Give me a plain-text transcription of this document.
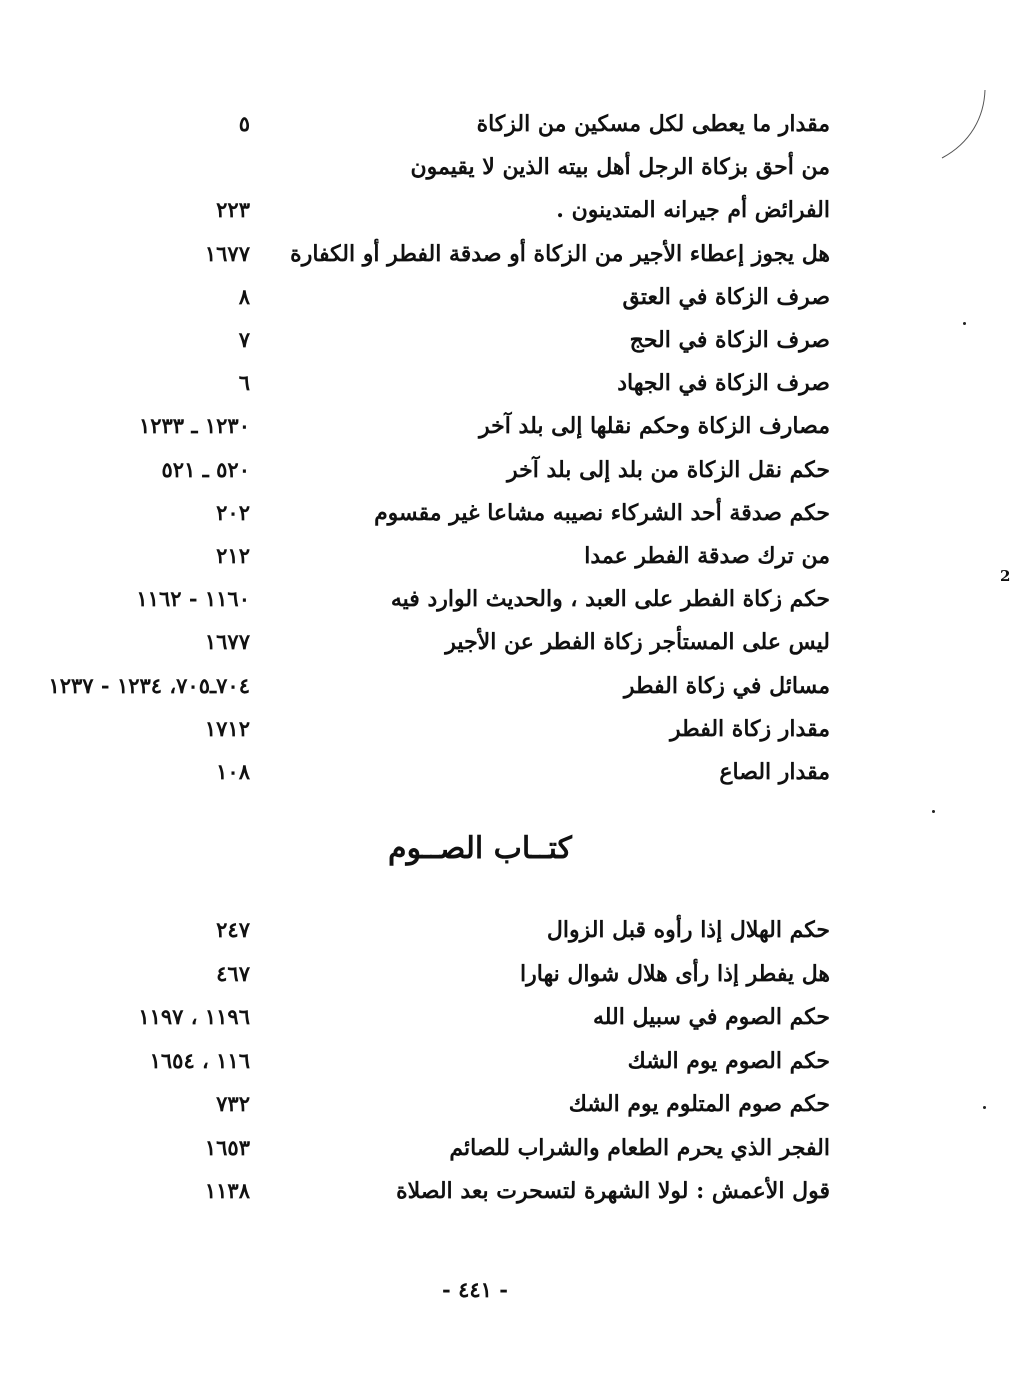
مقدار ما يعطى لكل مسكين من الزكاة
٥
من أحق بزكاة الرجل أهل بيته الذين لا يقيمون
الفرائض أم جيرانه المتدينون .
٢٢٣
هل يجوز إعطاء الأجير من الزكاة أو صدقة الفطر أو الكفارة
١٦٧٧
صرف الزكاة في العتق
٨
صرف الزكاة في الحج
٧
صرف الزكاة في الجهاد
٦
مصارف الزكاة وحكم نقلها إلى بلد آخر
١٢٣٠ ـ ١٢٣٣
حكم نقل الزكاة من بلد إلى بلد آخر
٥٢٠ ـ ٥٢١
حكم صدقة أحد الشركاء نصيبه مشاعا غير مقسوم
٢٠٢
من ترك صدقة الفطر عمدا
٢١٢
حكم زكاة الفطر على العبد ، والحديث الوارد فيه
١١٦٠ - ١١٦٢
ليس على المستأجر زكاة الفطر عن الأجير
١٦٧٧
مسائل في زكاة الفطر
٧٠٤ـ٧٠٥، ١٢٣٤ - ١٢٣٧
مقدار زكاة الفطر
١٧١٢
مقدار الصاع
١٠٨
كتــاب الصــوم
حكم الهلال إذا رأوه قبل الزوال
٢٤٧
هل يفطر إذا رأى هلال شوال نهارا
٤٦٧
حكم الصوم في سبيل الله
١١٩٦ ، ١١٩٧
حكم الصوم يوم الشك
١١٦ ، ١٦٥٤
حكم صوم المتلوم يوم الشك
٧٣٢
الفجر الذي يحرم الطعام والشراب للصائم
١٦٥٣
قول الأعمش : لولا الشهرة لتسحرت بعد الصلاة
١١٣٨
- ٤٤١ -
2
